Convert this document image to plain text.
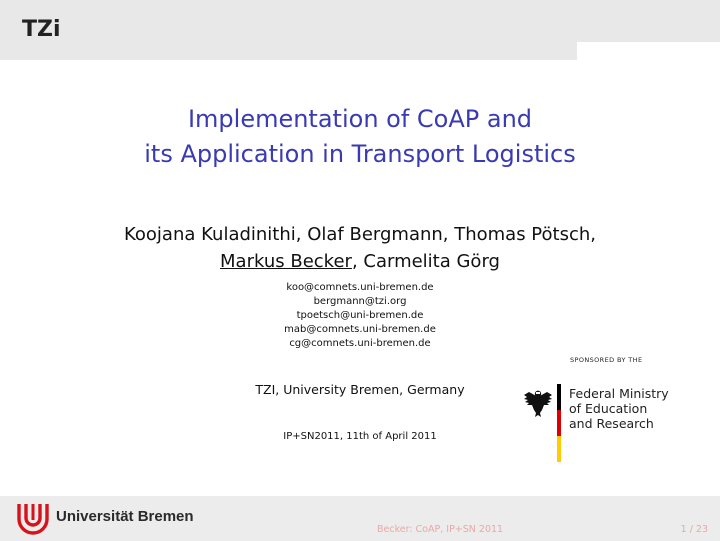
TZi
Implementation of CoAP and
its Application in Transport Logistics
Koojana Kuladinithi, Olaf Bergmann, Thomas Pötsch,
Markus Becker, Carmelita Görg
koo@comnets.uni-bremen.de
bergmann@tzi.org
tpoetsch@uni-bremen.de
mab@comnets.uni-bremen.de
cg@comnets.uni-bremen.de
TZI, University Bremen, Germany
IP+SN2011, 11th of April 2011
SPONSORED BY THE
Federal Ministry
of Education
and Research
Universität Bremen
Becker: CoAP, IP+SN 2011	1 / 23
